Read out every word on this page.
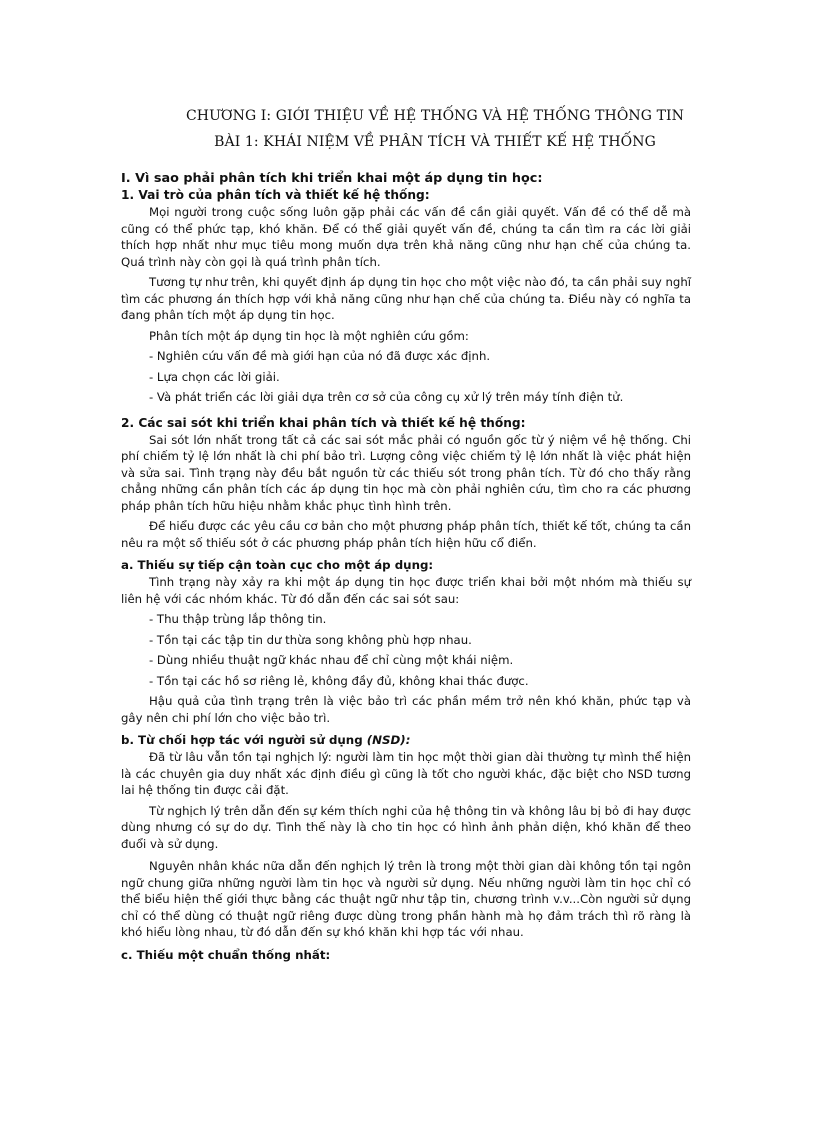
CHƯƠNG I: GIỚI THIỆU VỀ HỆ THỐNG VÀ HỆ THỐNG THÔNG TIN
BÀI 1: KHÁI NIỆM VỀ PHÂN TÍCH VÀ THIẾT KẾ HỆ THỐNG
I. Vì sao phải phân tích khi triển khai một áp dụng tin học:
1. Vai trò của phân tích và thiết kế hệ thống:

Mọi người trong cuộc sống luôn gặp phải các vấn đề cần giải quyết. Vấn đề có thể dễ mà cũng có thể phức tạp, khó khăn. Để có thể giải quyết vấn đề, chúng ta cần tìm ra các lời giải thích hợp nhất như mục tiêu mong muốn dựa trên khả năng cũng như hạn chế của chúng ta. Quá trình này còn gọi là quá trình phân tích.

Tương tự như trên, khi quyết định áp dụng tin học cho một việc nào đó, ta cần phải suy nghĩ tìm các phương án thích hợp với khả năng cũng như hạn chế của chúng ta. Điều này có nghĩa ta đang phân tích một áp dụng tin học.

Phân tích một áp dụng tin học là một nghiên cứu gồm:

- Nghiên cứu vấn đề mà giới hạn của nó đã được xác định.

- Lựa chọn các lời giải.

- Và phát triển các lời giải dựa trên cơ sở của công cụ xử lý trên máy tính điện tử.

2. Các sai sót khi triển khai phân tích và thiết kế hệ thống:

Sai sót lớn nhất trong tất cả các sai sót mắc phải có nguồn gốc từ ý niệm về hệ thống. Chi phí chiếm tỷ lệ lớn nhất là chi phí bảo trì. Lượng công việc chiếm tỷ lệ lớn nhất là việc phát hiện và sửa sai. Tình trạng này đều bắt nguồn từ các thiếu sót trong phân tích. Từ đó cho thấy rằng chẳng những cần phân tích các áp dụng tin học mà còn phải nghiên cứu, tìm cho ra các phương pháp phân tích hữu hiệu nhằm khắc phục tình hình trên.

Để hiểu được các yêu cầu cơ bản cho một phương pháp phân tích, thiết kế tốt, chúng ta cần nêu ra một số thiếu sót ở các phương pháp phân tích hiện hữu cổ điển.

a. Thiếu sự tiếp cận toàn cục cho một áp dụng:

Tình trạng này xảy ra khi một áp dụng tin học được triển khai bởi một nhóm mà thiếu sự liên hệ với các nhóm khác. Từ đó dẫn đến các sai sót sau:

- Thu thập trùng lắp thông tin.

- Tồn tại các tập tin dư thừa song không phù hợp nhau.

- Dùng nhiều thuật ngữ khác nhau để chỉ cùng một khái niệm.

- Tồn tại các hồ sơ riêng lẻ, không đầy đủ, không khai thác được.

Hậu quả của tình trạng trên là việc bảo trì các phần mềm trở nên khó khăn, phức tạp và gây nên chi phí lớn cho việc bảo trì.

b. Từ chối hợp tác với người sử dụng (NSD):

Đã từ lâu vẫn tồn tại nghịch lý: người làm tin học một thời gian dài thường tự mình thể hiện là các chuyên gia duy nhất xác định điều gì cũng là tốt cho người khác, đặc biệt cho NSD tương lai hệ thống tin được cải đặt.

Từ nghịch lý trên dẫn đến sự kém thích nghi của hệ thông tin và không lâu bị bỏ đi hay được dùng nhưng có sự do dự. Tình thế này là cho tin học có hình ảnh phản diện, khó khăn để theo đuổi và sử dụng.

Nguyên nhân khác nữa dẫn đến nghịch lý trên là trong một thời gian dài không tồn tại ngôn ngữ chung giữa những người làm tin học và người sử dụng. Nếu những người làm tin học chỉ có thể biểu hiện thế giới thực bằng các thuật ngữ như tập tin, chương trình v.v...Còn người sử dụng chỉ có thể dùng có thuật ngữ riêng được dùng trong phần hành mà họ đảm trách thì rõ ràng là khó hiểu lòng nhau, từ đó dẫn đến sự khó khăn khi hợp tác với nhau.

c. Thiếu một chuẩn thống nhất:
